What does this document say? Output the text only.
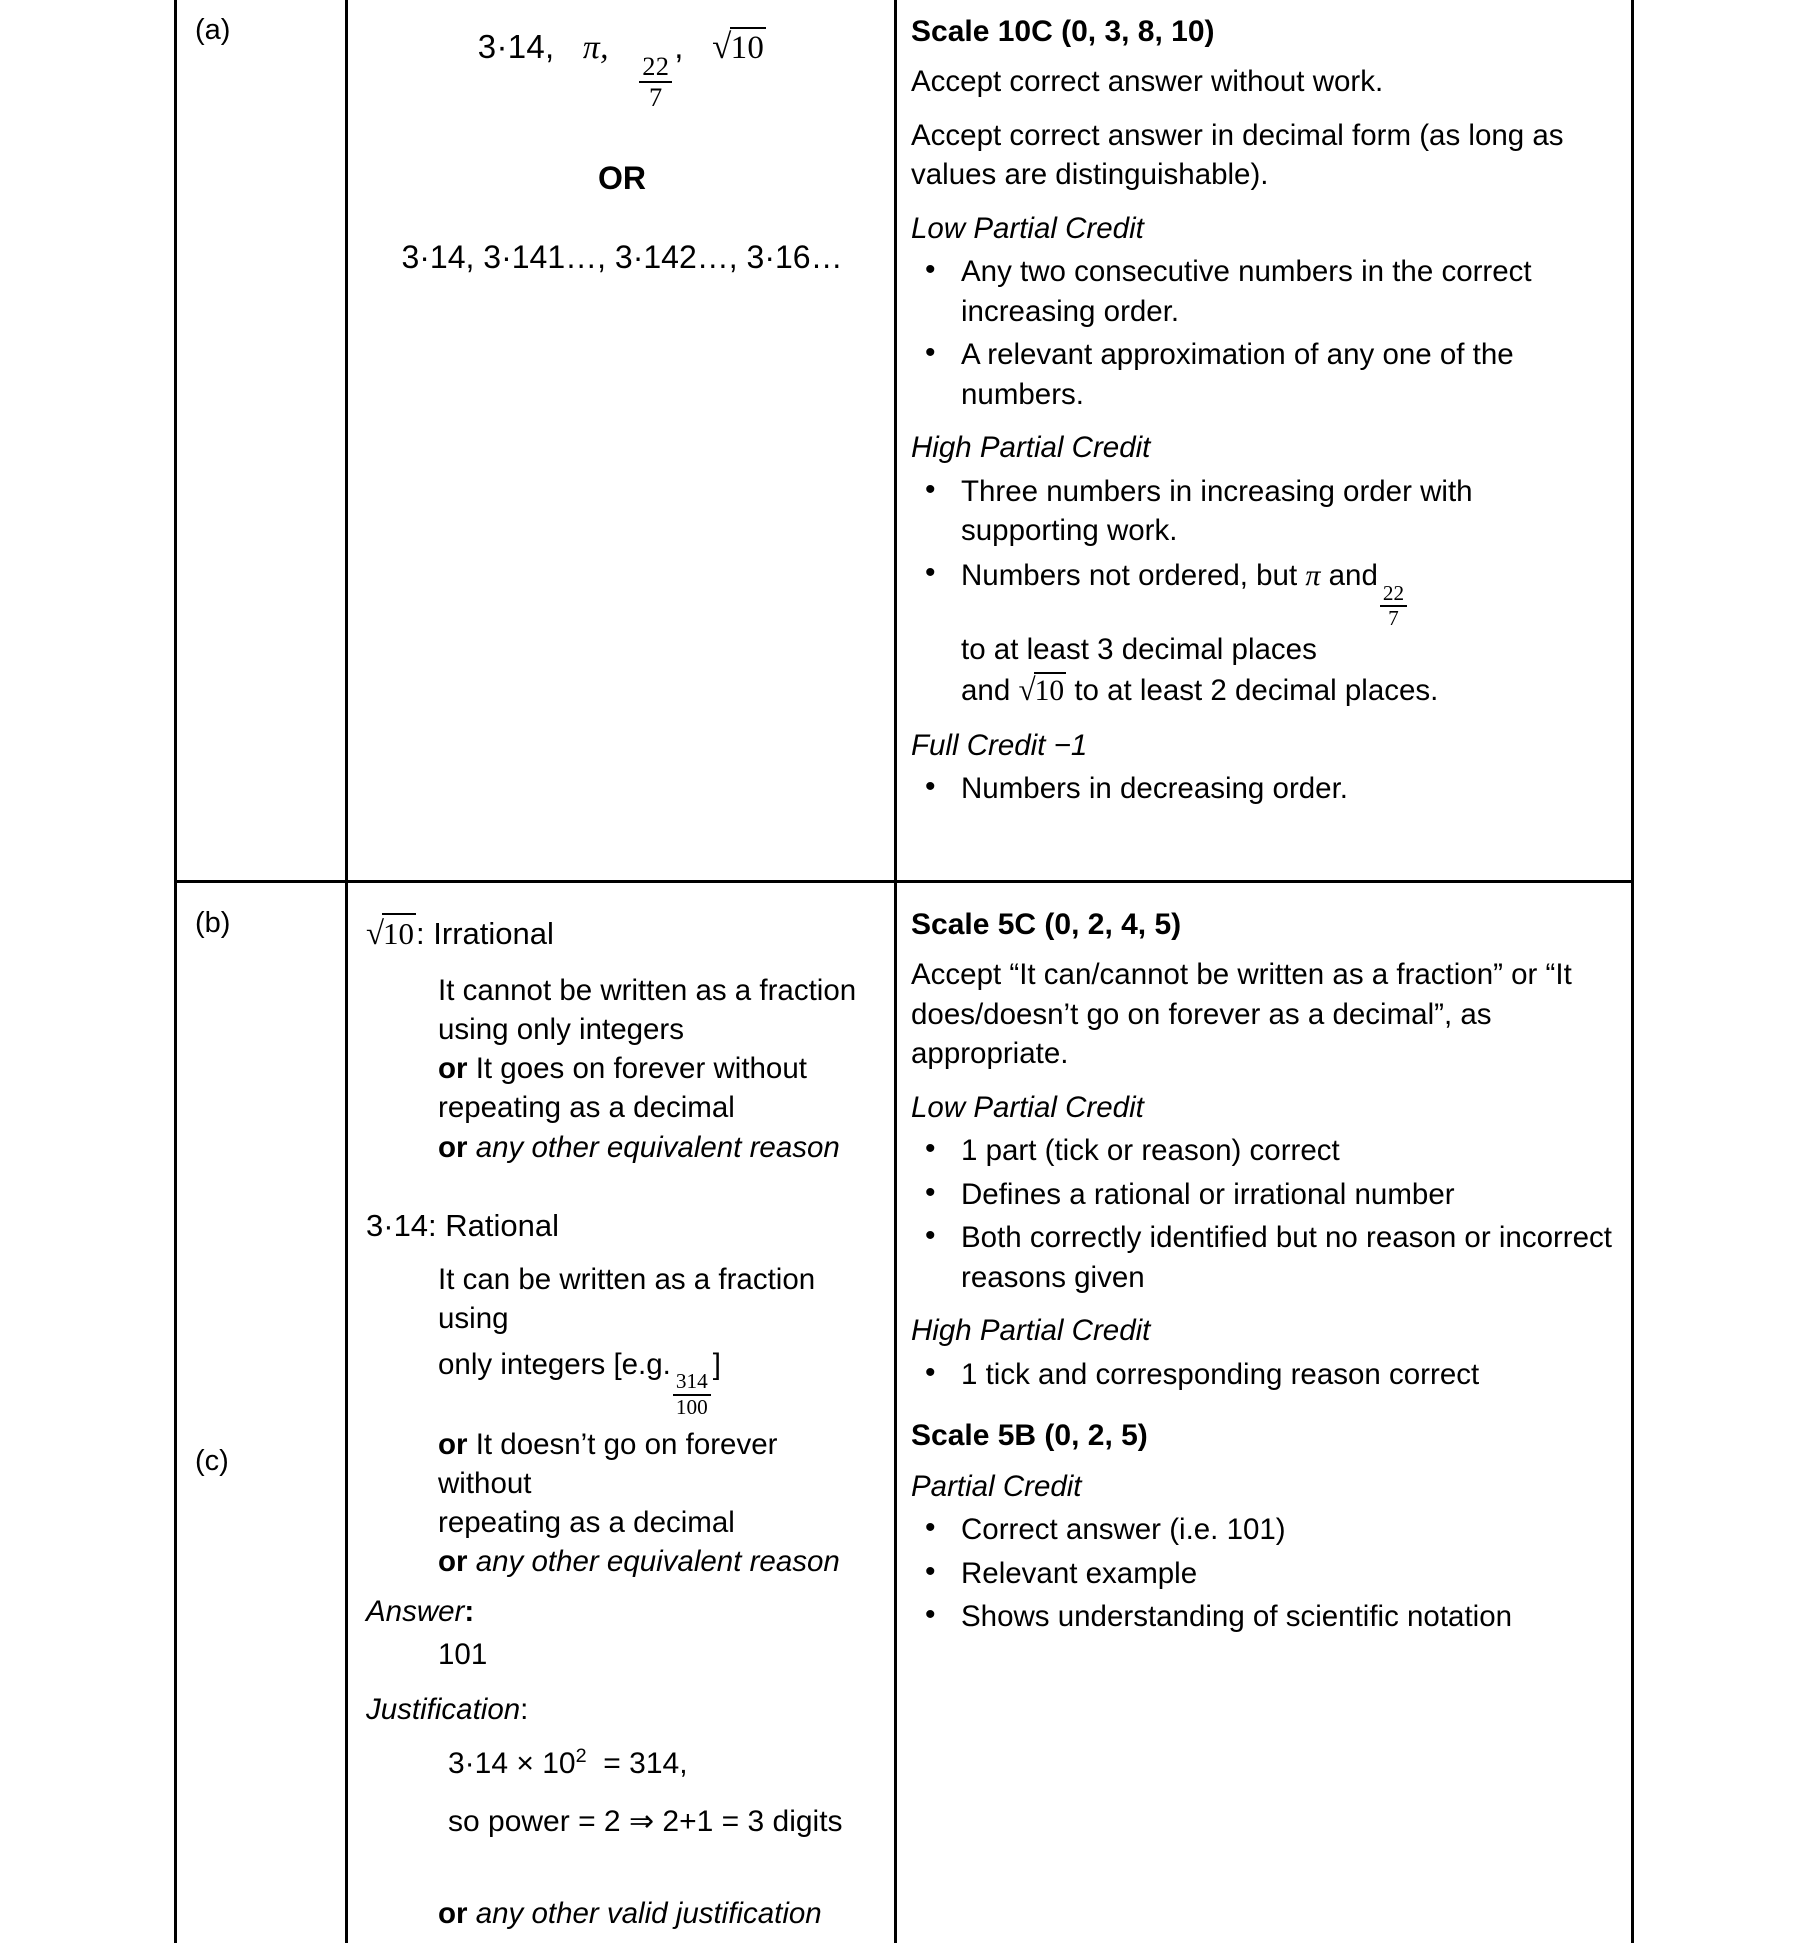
(a)	3·14, π,
$\frac{22}{7}$
, √10
OR
3·14, 3·141…, 3·142…, 3·16…
Scale 10C (0, 3, 8, 10)

Accept correct answer without work.

Accept correct answer in decimal form (as long as values are distinguishable).

Low Partial Credit
• Any two consecutive numbers in the correct increasing order.
• A relevant approximation of any one of the numbers.
High Partial Credit
• Three numbers in increasing order with supporting work.
• Numbers not ordered, but π and
$\frac{22}{7}$

to at least 3 decimal places
and √10 to at least 2 decimal places.
Full Credit −1
• Numbers in decreasing order.
(b)
(c)
√10: Irrational

It cannot be written as a fraction

using only integers

or It goes on forever without

repeating as a decimal

or any other equivalent reason

3·14: Rational

It can be written as a fraction using

only integers [e.g.
$\frac{314}{100}$
]

or It doesn’t go on forever without

repeating as a decimal

or any other equivalent reason

Answer:
101
Justification:
$3\cdot 14 \times 10^2 = 314$,
so power = 2 ⇒ 2+1 = 3 digits
or any other valid justification
Scale 5C (0, 2, 4, 5)

Accept “It can/cannot be written as a fraction” or “It does/doesn’t go on forever as a decimal”, as appropriate.

Low Partial Credit
• 1 part (tick or reason) correct
• Defines a rational or irrational number
• Both correctly identified but no reason or incorrect reasons given
High Partial Credit
• 1 tick and corresponding reason correct
Scale 5B (0, 2, 5)
Partial Credit
• Correct answer (i.e. 101)
• Relevant example
• Shows understanding of scientific notation
